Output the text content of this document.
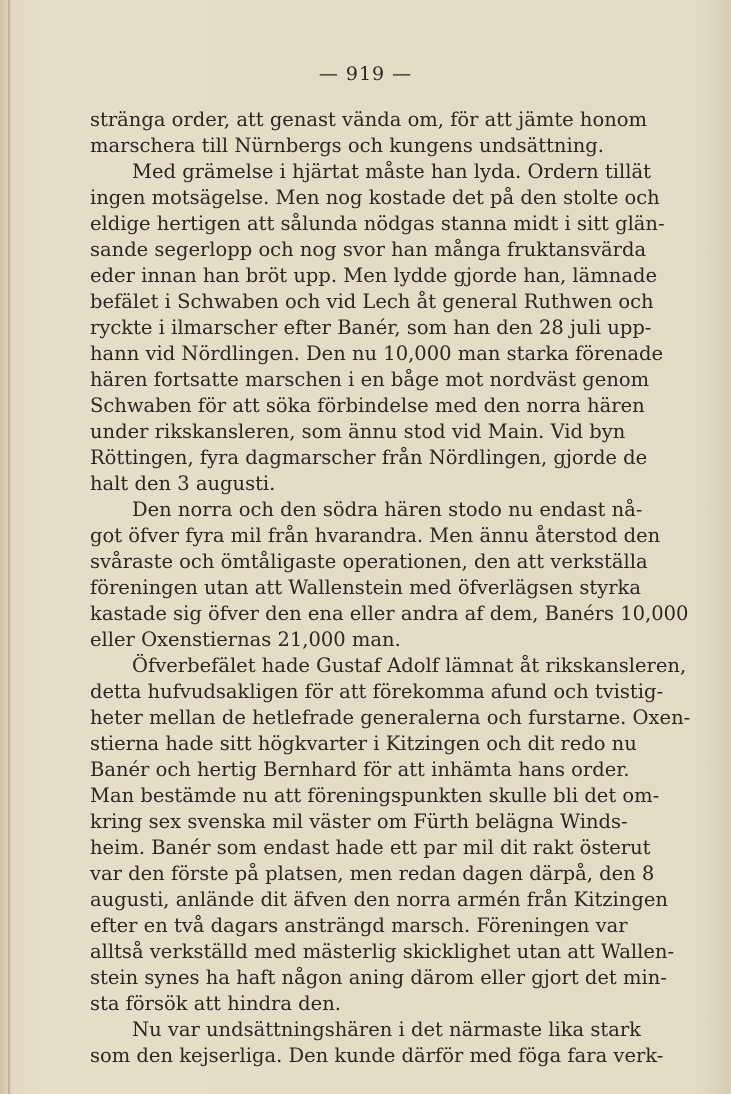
— 919 —
stränga order, att genast vända om, för att jämte honom
marschera till Nürnbergs och kungens undsättning.
Med grämelse i hjärtat måste han lyda. Ordern tillät
ingen motsägelse. Men nog kostade det på den stolte och
eldige hertigen att sålunda nödgas stanna midt i sitt glän-
sande segerlopp och nog svor han många fruktansvärda
eder innan han bröt upp. Men lydde gjorde han, lämnade
befälet i Schwaben och vid Lech åt general Ruthwen och
ryckte i ilmarscher efter Banér, som han den 28 juli upp-
hann vid Nördlingen. Den nu 10,000 man starka förenade
hären fortsatte marschen i en båge mot nordväst genom
Schwaben för att söka förbindelse med den norra hären
under rikskansleren, som ännu stod vid Main. Vid byn
Röttingen, fyra dagmarscher från Nördlingen, gjorde de
halt den 3 augusti.
Den norra och den södra hären stodo nu endast nå-
got öfver fyra mil från hvarandra. Men ännu återstod den
svåraste och ömtåligaste operationen, den att verkställa
föreningen utan att Wallenstein med öfverlägsen styrka
kastade sig öfver den ena eller andra af dem, Banérs 10,000
eller Oxenstiernas 21,000 man.
Öfverbefälet hade Gustaf Adolf lämnat åt rikskansleren,
detta hufvudsakligen för att förekomma afund och tvistig-
heter mellan de hetlefrade generalerna och furstarne. Oxen-
stierna hade sitt högkvarter i Kitzingen och dit redo nu
Banér och hertig Bernhard för att inhämta hans order.
Man bestämde nu att föreningspunkten skulle bli det om-
kring sex svenska mil väster om Fürth belägna Winds-
heim. Banér som endast hade ett par mil dit rakt österut
var den förste på platsen, men redan dagen därpå, den 8
augusti, anlände dit äfven den norra armén från Kitzingen
efter en två dagars ansträngd marsch. Föreningen var
alltså verkställd med mästerlig skicklighet utan att Wallen-
stein synes ha haft någon aning därom eller gjort det min-
sta försök att hindra den.
Nu var undsättningshären i det närmaste lika stark
som den kejserliga. Den kunde därför med föga fara verk-
